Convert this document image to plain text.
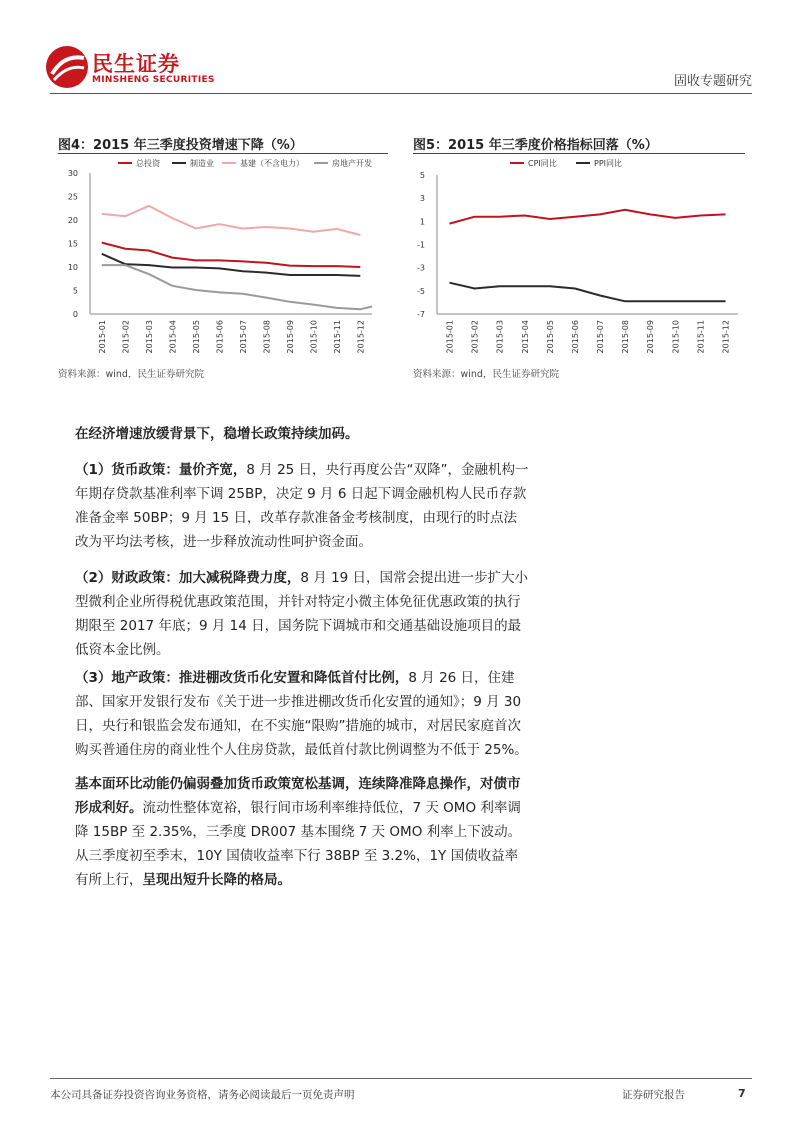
民生证券
MINSHENG SECURITIES	固收专题研究
图4：2015 年三季度投资增速下降（%）
总投资	制造业	基建（不含电力）	房地产开发
0
5
10
15
20
25
30
2015-01 2015-02 2015-03 2015-04 2015-05 2015-06 2015-07 2015-08 2015-09 2015-10 2015-11 2015-12
资料来源：wind，民生证券研究院
图5：2015 年三季度价格指标回落（%）
CPI同比	PPI同比
-7
-5
-3
-1
1
3
5
2015-01 2015-02 2015-03 2015-04 2015-05 2015-06 2015-07 2015-08 2015-09 2015-10 2015-11 2015-12
资料来源：wind，民生证券研究院

在经济增速放缓背景下，稳增长政策持续加码。

（1）货币政策：量价齐宽，8 月 25 日，央行再度公告“双降”，金融机构一年期存贷款基准利率下调 25BP，决定 9 月 6 日起下调金融机构人民币存款准备金率 50BP；9 月 15 日，改革存款准备金考核制度，由现行的时点法改为平均法考核，进一步释放流动性呵护资金面。

（2）财政政策：加大减税降费力度，8 月 19 日，国常会提出进一步扩大小型微利企业所得税优惠政策范围，并针对特定小微主体免征优惠政策的执行期限至 2017 年底；9 月 14 日，国务院下调城市和交通基础设施项目的最低资本金比例。

（3）地产政策：推进棚改货币化安置和降低首付比例，8 月 26 日，住建部、国家开发银行发布《关于进一步推进棚改货币化安置的通知》；9 月 30 日，央行和银监会发布通知，在不实施“限购”措施的城市，对居民家庭首次购买普通住房的商业性个人住房贷款，最低首付款比例调整为不低于 25%。

基本面环比动能仍偏弱叠加货币政策宽松基调，连续降准降息操作，对债市形成利好。流动性整体宽裕，银行间市场利率维持低位，7 天 OMO 利率调降 15BP 至 2.35%，三季度 DR007 基本围绕 7 天 OMO 利率上下波动。从三季度初至季末，10Y 国债收益率下行 38BP 至 3.2%，1Y 国债收益率有所上行，呈现出短升长降的格局。

本公司具备证券投资咨询业务资格，请务必阅读最后一页免责声明	证券研究报告	7
